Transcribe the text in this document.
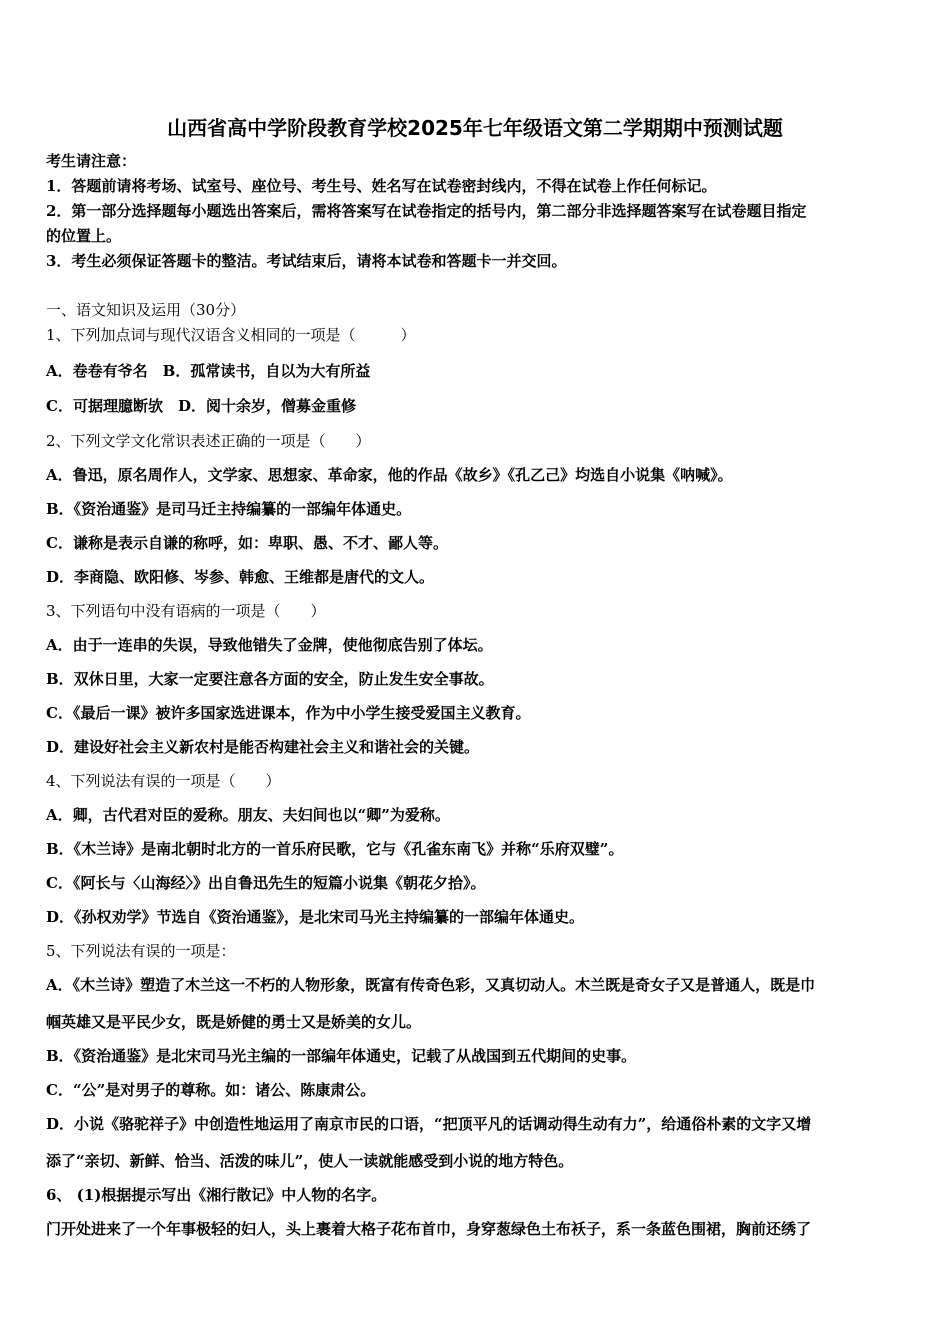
山西省高中学阶段教育学校2025年七年级语文第二学期期中预测试题
考生请注意：
1．答题前请将考场、试室号、座位号、考生号、姓名写在试卷密封线内，不得在试卷上作任何标记。
2．第一部分选择题每小题选出答案后，需将答案写在试卷指定的括号内，第二部分非选择题答案写在试卷题目指定
的位置上。
3．考生必须保证答题卡的整洁。考试结束后，请将本试卷和答题卡一并交回。
一、语文知识及运用（30分）
1、下列加点词与现代汉语含义相同的一项是（　　　）
A．卷卷有爷名　B．孤常读书，自以为大有所益
C．可据理臆断欤　D．阅十余岁，僧募金重修
2、下列文学文化常识表述正确的一项是（　　）
A．鲁迅，原名周作人，文学家、思想家、革命家，他的作品《故乡》《孔乙己》均选自小说集《呐喊》。
B．《资治通鉴》是司马迁主持编纂的一部编年体通史。
C．谦称是表示自谦的称呼，如：卑职、愚、不才、鄙人等。
D．李商隐、欧阳修、岑参、韩愈、王维都是唐代的文人。
3、下列语句中没有语病的一项是（　　）
A．由于一连串的失误，导致他错失了金牌，使他彻底告别了体坛。
B．双休日里，大家一定要注意各方面的安全，防止发生安全事故。
C．《最后一课》被许多国家选进课本，作为中小学生接受爱国主义教育。
D．建设好社会主义新农村是能否构建社会主义和谐社会的关键。
4、下列说法有误的一项是（　　）
A．卿，古代君对臣的爱称。朋友、夫妇间也以“卿”为爱称。
B．《木兰诗》是南北朝时北方的一首乐府民歌，它与《孔雀东南飞》并称“乐府双璧”。
C．《阿长与〈山海经〉》出自鲁迅先生的短篇小说集《朝花夕拾》。
D．《孙权劝学》节选自《资治通鉴》，是北宋司马光主持编纂的一部编年体通史。
5、下列说法有误的一项是：
A．《木兰诗》塑造了木兰这一不朽的人物形象，既富有传奇色彩，又真切动人。木兰既是奇女子又是普通人，既是巾
帼英雄又是平民少女，既是娇健的勇士又是娇美的女儿。
B．《资治通鉴》是北宋司马光主编的一部编年体通史，记载了从战国到五代期间的史事。
C．“公”是对男子的尊称。如：诸公、陈康肃公。
D．小说《骆驼祥子》中创造性地运用了南京市民的口语，“把顶平凡的话调动得生动有力”，给通俗朴素的文字又增
添了“亲切、新鲜、恰当、活泼的味儿”，使人一读就能感受到小说的地方特色。
6、 (1)根据提示写出《湘行散记》中人物的名字。
门开处进来了一个年事极轻的妇人，头上裹着大格子花布首巾，身穿葱绿色土布袄子，系一条蓝色围裙，胸前还绣了
